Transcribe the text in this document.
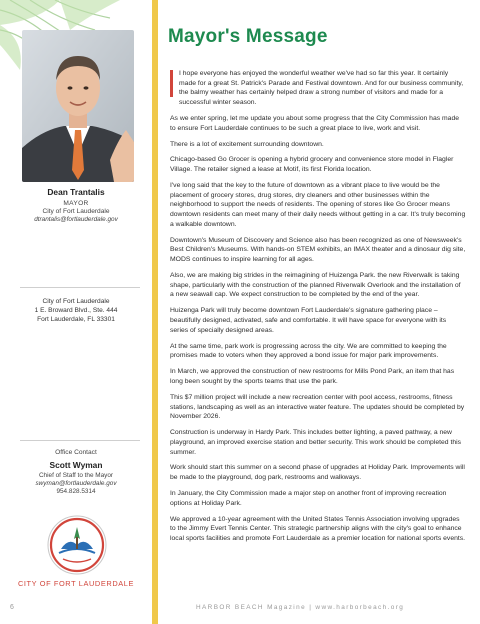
Dean Trantalis
MAYOR
City of Fort Lauderdale
dtrantalis@fortlauderdale.gov
City of Fort Lauderdale
1 E. Broward Blvd., Ste. 444
Fort Lauderdale, FL 33301
Office Contact
Scott Wyman
Chief of Staff to the Mayor
swyman@fortlauderdale.gov
954.828.5314
CITY OF FORT LAUDERDALE
6
Mayor's Message

I hope everyone has enjoyed the wonderful weather we've had so far this year. It certainly made for a great St. Patrick's Parade and Festival downtown. And for our business community, the balmy weather has certainly helped draw a strong number of visitors and made for a successful winter season.

As we enter spring, let me update you about some progress that the City Commission has made to ensure Fort Lauderdale continues to be such a great place to live, work and visit.

There is a lot of excitement surrounding downtown.

Chicago-based Go Grocer is opening a hybrid grocery and convenience store model in Flagler Village. The retailer signed a lease at Motif, its first Florida location.

I've long said that the key to the future of downtown as a vibrant place to live would be the placement of grocery stores, drug stores, dry cleaners and other businesses within the neighborhood to support the needs of residents. The opening of stores like Go Grocer means downtown residents can meet many of their daily needs without getting in a car. It's truly becoming a walkable downtown.

Downtown's Museum of Discovery and Science also has been recognized as one of Newsweek's Best Children's Museums. With hands-on STEM exhibits, an IMAX theater and a dinosaur dig site, MODS continues to inspire learning for all ages.

Also, we are making big strides in the reimagining of Huizenga Park. the new Riverwalk is taking shape, particularly with the construction of the planned Riverwalk Overlook and the installation of a new seawall cap. We expect construction to be completed by the end of the year.

Huizenga Park will truly become downtown Fort Lauderdale's signature gathering place – beautifully designed, activated, safe and comfortable. It will have space for everyone with its series of specially designed areas.

At the same time, park work is progressing across the city. We are committed to keeping the promises made to voters when they approved a bond issue for major park improvements.

In March, we approved the construction of new restrooms for Mills Pond Park, an item that has long been sought by the sports teams that use the park.

This $7 million project will include a new recreation center with pool access, restrooms, fitness stations, landscaping as well as an interactive water feature. The updates should be completed by November 2026.

Construction is underway in Hardy Park. This includes better lighting, a paved pathway, a new playground, an improved exercise station and better security. This work should be completed this summer.

Work should start this summer on a second phase of upgrades at Holiday Park. Improvements will be made to the playground, dog park, restrooms and walkways.

In January, the City Commission made a major step on another front of improving recreation options at Holiday Park.

We approved a 10-year agreement with the United States Tennis Association involving upgrades to the Jimmy Evert Tennis Center. This strategic partnership aligns with the city's goal to enhance local sports facilities and promote Fort Lauderdale as a premier location for national sports events.

HARBOR BEACH Magazine | www.harborbeach.org
